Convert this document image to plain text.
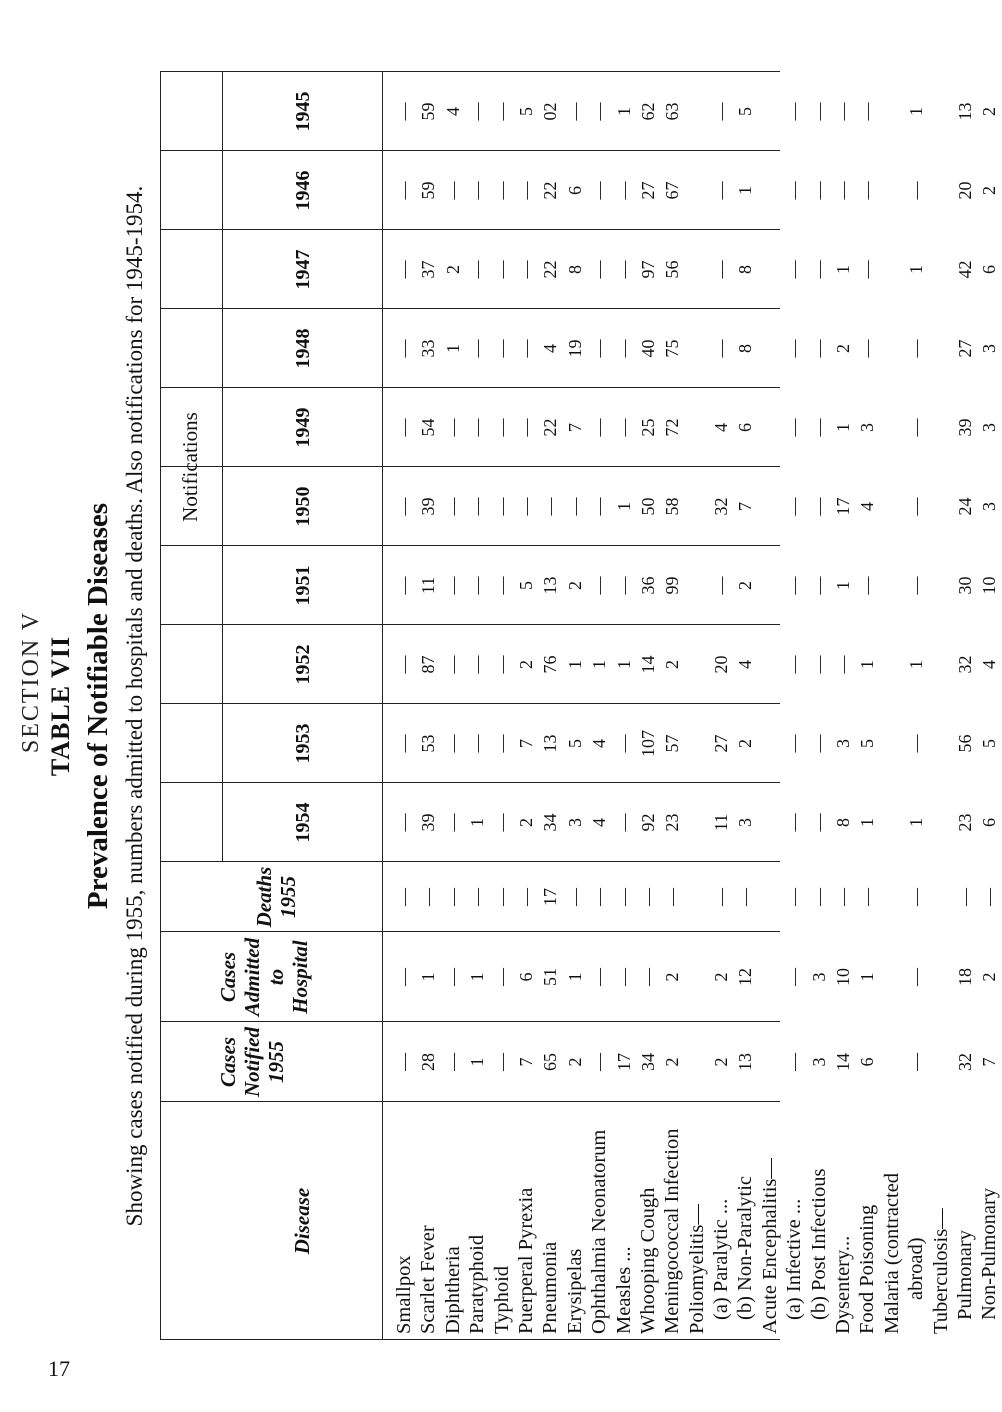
SECTION V TABLE VII Prevalence of Notifiable Diseases Showing cases notified during 1955, numbers admitted to hospitals and deaths. Also notifications for 1945-1954.	Disease
Cases Notified 1955
Cases Admitted to Hospital
Deaths 1955
Notifications
1954
1953
1952
1951
1950
1949
1948
1947
1946
1945
Smallpox Scarlet Fever Diphtheria Paratyphoid Typhoid Puerperal Pyrexia Pneumonia Erysipelas Ophthalmia Neonatorum Measles ... Whooping Cough Meningococcal Infection Poliomyelitis— (a) Paralytic ... (b) Non-Paralytic Acute Encephalitis— (a) Infective ... (b) Post Infectious Dysentery... Food Poisoning Malaria (contracted abroad) Tuberculosis— Pulmonary Non-Pulmonary
— 28 — 1 — 7 65 2 — 17 34 2 2 13 — 3 14 6 — 32 7
— 1 — 1 — 6 51 1 — — — 2 2 12 — 3 10 1 — 18 2
— — — — — — 17 — — — — — — — — — — — — — —
— 39 — 1 — 2 34 3 4 — 92 23 11 3 — — 8 1 1 23 6
— 53 — — — 7 13 5 4 — 107 57 27 2 — — 3 5 — 56 5
— 87 — — — 2 76 1 1 1 14 2 20 4 — — — 1 1 32 4
— 11 — — — 5 13 2 — — 36 99 — 2 — — 1 — — 30 10
— 39 — — — — — — — 1 50 58 32 7 — — 17 4 — 24 3
— 54 — — — — 22 7 — — 25 72 4 6 — — 1 3 — 39 3
— 33 1 — — — 4 19 — — 40 75 — 8 — — 2 — — 27 3
— 37 2 — — — 22 8 — — 97 56 — 8 — — 1 — 1 42 6
— 59 — — — — 22 6 — — 27 67 — 1 — — — — — 20 2
— 59 4 — — 5 02 — — 1 62 63 — 5 — — — — 1 13 2
17
